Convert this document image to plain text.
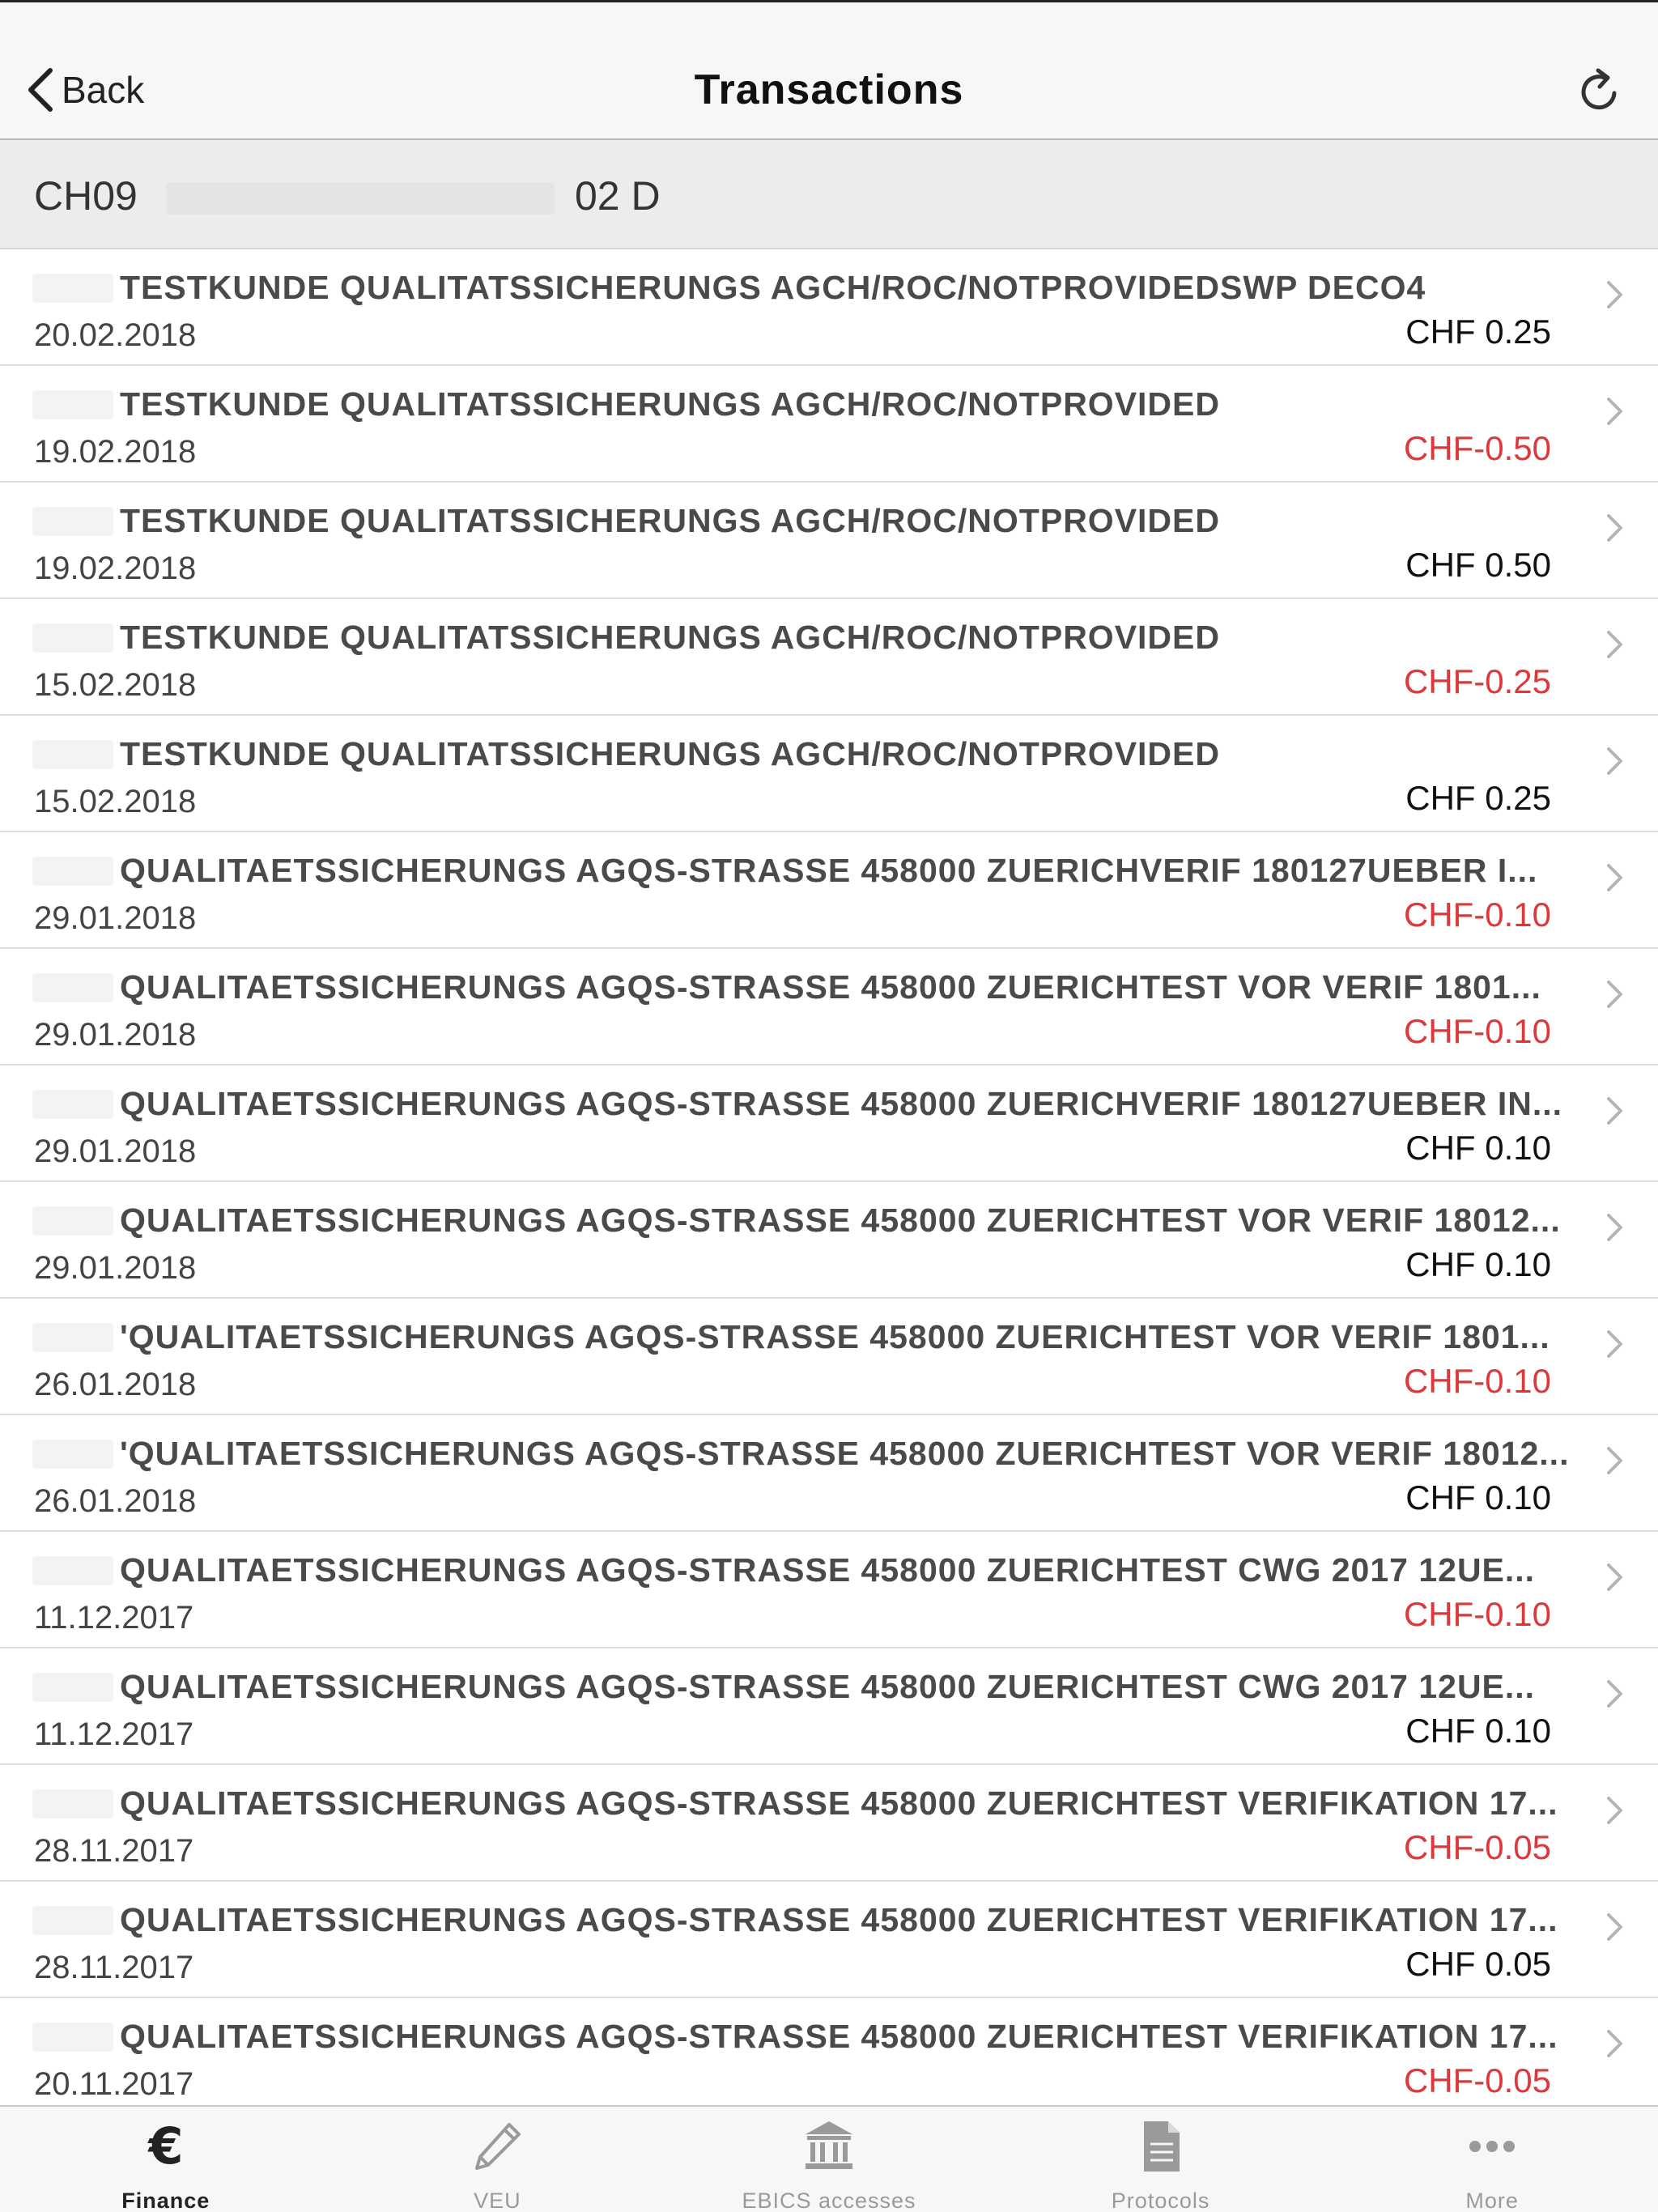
Back	Transactions
CH09	02 D
TESTKUNDE QUALITATSSICHERUNGS AGCH/ROC/NOTPROVIDEDSWP DECO4
20.02.2018	CHF 0.25
TESTKUNDE QUALITATSSICHERUNGS AGCH/ROC/NOTPROVIDED
19.02.2018	CHF-0.50
TESTKUNDE QUALITATSSICHERUNGS AGCH/ROC/NOTPROVIDED
19.02.2018	CHF 0.50
TESTKUNDE QUALITATSSICHERUNGS AGCH/ROC/NOTPROVIDED
15.02.2018	CHF-0.25
TESTKUNDE QUALITATSSICHERUNGS AGCH/ROC/NOTPROVIDED
15.02.2018	CHF 0.25
QUALITAETSSICHERUNGS AGQS-STRASSE 458000 ZUERICHVERIF 180127UEBER I...
29.01.2018	CHF-0.10
QUALITAETSSICHERUNGS AGQS-STRASSE 458000 ZUERICHTEST VOR VERIF 1801...
29.01.2018	CHF-0.10
QUALITAETSSICHERUNGS AGQS-STRASSE 458000 ZUERICHVERIF 180127UEBER IN...
29.01.2018	CHF 0.10
QUALITAETSSICHERUNGS AGQS-STRASSE 458000 ZUERICHTEST VOR VERIF 18012...
29.01.2018	CHF 0.10
'QUALITAETSSICHERUNGS AGQS-STRASSE 458000 ZUERICHTEST VOR VERIF 1801...
26.01.2018	CHF-0.10
'QUALITAETSSICHERUNGS AGQS-STRASSE 458000 ZUERICHTEST VOR VERIF 18012...
26.01.2018	CHF 0.10
QUALITAETSSICHERUNGS AGQS-STRASSE 458000 ZUERICHTEST CWG 2017 12UE...
11.12.2017	CHF-0.10
QUALITAETSSICHERUNGS AGQS-STRASSE 458000 ZUERICHTEST CWG 2017 12UE...
11.12.2017	CHF 0.10
QUALITAETSSICHERUNGS AGQS-STRASSE 458000 ZUERICHTEST VERIFIKATION 17...
28.11.2017	CHF-0.05
QUALITAETSSICHERUNGS AGQS-STRASSE 458000 ZUERICHTEST VERIFIKATION 17...
28.11.2017	CHF 0.05
QUALITAETSSICHERUNGS AGQS-STRASSE 458000 ZUERICHTEST VERIFIKATION 17...
20.11.2017	CHF-0.05
€
Finance	VEU	EBICS accesses	Protocols	More
